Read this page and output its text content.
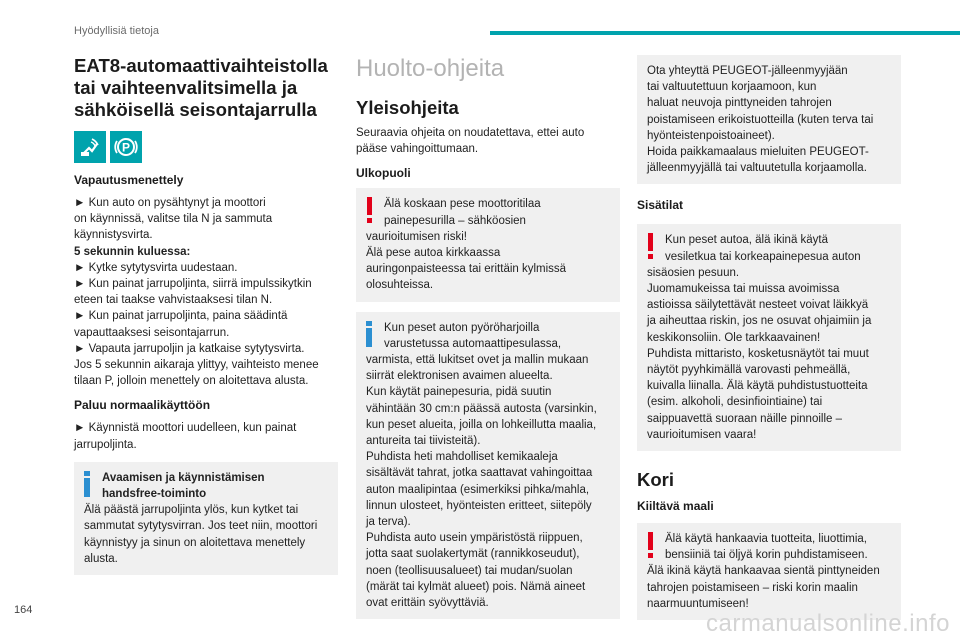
Hyödyllisiä tietoja
EAT8-automaattivaihteistolla tai vaihteenvalitsimella ja sähköisellä seisontajarrulla
P
Vapautusmenettely
► Kun auto on pysähtynyt ja moottori
on käynnissä, valitse tila N ja sammuta
käynnistysvirta.
5 sekunnin kuluessa:
► Kytke sytytysvirta uudestaan.
► Kun painat jarrupoljinta, siirrä impulssikytkin
eteen tai taakse vahvistaaksesi tilan N.
► Kun painat jarrupoljinta, paina säädintä
vapauttaaksesi seisontajarrun.
► Vapauta jarrupoljin ja katkaise sytytysvirta.
Jos 5 sekunnin aikaraja ylittyy, vaihteisto menee
tilaan P, jolloin menettely on aloitettava alusta.
Paluu normaalikäyttöön
► Käynnistä moottori uudelleen, kun painat
jarrupoljinta.
Avaamisen ja käynnistämisen
handsfree-toiminto
Älä päästä jarrupoljinta ylös, kun kytket tai
sammutat sytytysvirran. Jos teet niin, moottori
käynnistyy ja sinun on aloitettava menettely
alusta.
Huolto-ohjeita
Yleisohjeita
Seuraavia ohjeita on noudatettava, ettei auto
pääse vahingoittumaan.
Ulkopuoli
Älä koskaan pese moottoritilaa
painepesurilla – sähköosien
vaurioitumisen riski!
Älä pese autoa kirkkaassa
auringonpaisteessa tai erittäin kylmissä
olosuhteissa.
Kun peset auton pyöröharjoilla
varustetussa automaattipesulassa,
varmista, että lukitset ovet ja mallin mukaan
siirrät elektronisen avaimen alueelta.
Kun käytät painepesuria, pidä suutin
vähintään 30 cm:n päässä autosta (varsinkin,
kun peset alueita, joilla on lohkeillutta maalia,
antureita tai tiivisteitä).
Puhdista heti mahdolliset kemikaaleja
sisältävät tahrat, jotka saattavat vahingoittaa
auton maalipintaa (esimerkiksi pihka/mahla,
linnun ulosteet, hyönteisten eritteet, siitepöly
ja terva).
Puhdista auto usein ympäristöstä riippuen,
jotta saat suolakertymät (rannikkoseudut),
noen (teollisuusalueet) tai mudan/suolan
(märät tai kylmät alueet) pois. Nämä aineet
ovat erittäin syövyttäviä.
Ota yhteyttä PEUGEOT-jälleenmyyjään
tai valtuutettuun korjaamoon, kun
haluat neuvoja pinttyneiden tahrojen
poistamiseen erikoistuotteilla (kuten terva tai
hyönteistenpoistoaineet).
Hoida paikkamaalaus mieluiten PEUGEOT-
jälleenmyyjällä tai valtuutetulla korjaamolla.
Sisätilat
Kun peset autoa, älä ikinä käytä
vesiletkua tai korkeapainepesua auton
sisäosien pesuun.
Juomamukeissa tai muissa avoimissa
astioissa säilytettävät nesteet voivat läikkyä
ja aiheuttaa riskin, jos ne osuvat ohjaimiin ja
keskikonsoliin. Ole tarkkaavainen!
Puhdista mittaristo, kosketusnäytöt tai muut
näytöt pyyhkimällä varovasti pehmeällä,
kuivalla liinalla. Älä käytä puhdistustuotteita
(esim. alkoholi, desinfiointiaine) tai
saippuavettä suoraan näille pinnoille –
vaurioitumisen vaara!
Kori
Kiiltävä maali
Älä käytä hankaavia tuotteita, liuottimia,
bensiiniä tai öljyä korin puhdistamiseen.
Älä ikinä käytä hankaavaa sientä pinttyneiden
tahrojen poistamiseen – riski korin maalin
naarmuuntumiseen!
164	carmanualsonline.info
